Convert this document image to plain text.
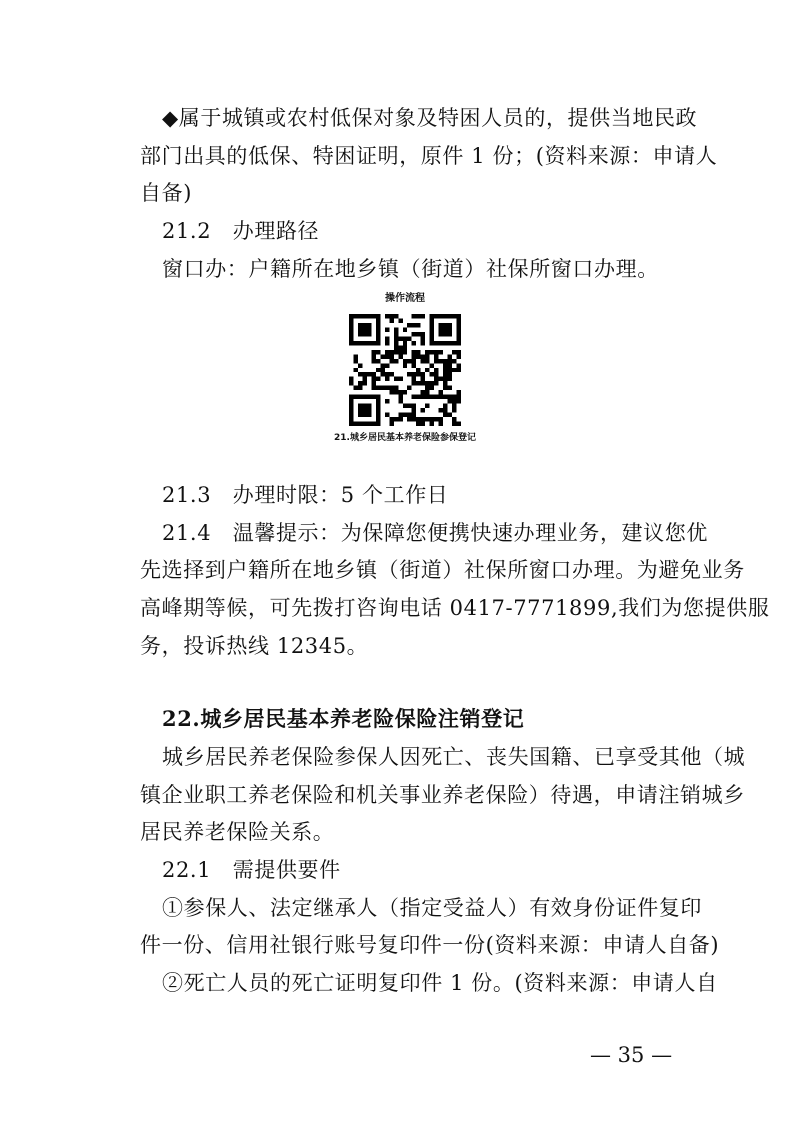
◆属于城镇或农村低保对象及特困人员的，提供当地民政
部门出具的低保、特困证明，原件 1 份；(资料来源：申请人
自备)
21.2　办理路径
窗口办：户籍所在地乡镇（街道）社保所窗口办理。
操作流程
21.城乡居民基本养老保险参保登记
21.3　办理时限：5 个工作日
21.4　温馨提示：为保障您便携快速办理业务，建议您优
先选择到户籍所在地乡镇（街道）社保所窗口办理。为避免业务
高峰期等候，可先拨打咨询电话 0417-7771899,我们为您提供服
务，投诉热线 12345。
22.城乡居民基本养老险保险注销登记
城乡居民养老保险参保人因死亡、丧失国籍、已享受其他（城
镇企业职工养老保险和机关事业养老保险）待遇，申请注销城乡
居民养老保险关系。
22.1　需提供要件
①参保人、法定继承人（指定受益人）有效身份证件复印
件一份、信用社银行账号复印件一份(资料来源：申请人自备)
②死亡人员的死亡证明复印件 1 份。(资料来源：申请人自
— 35 —
